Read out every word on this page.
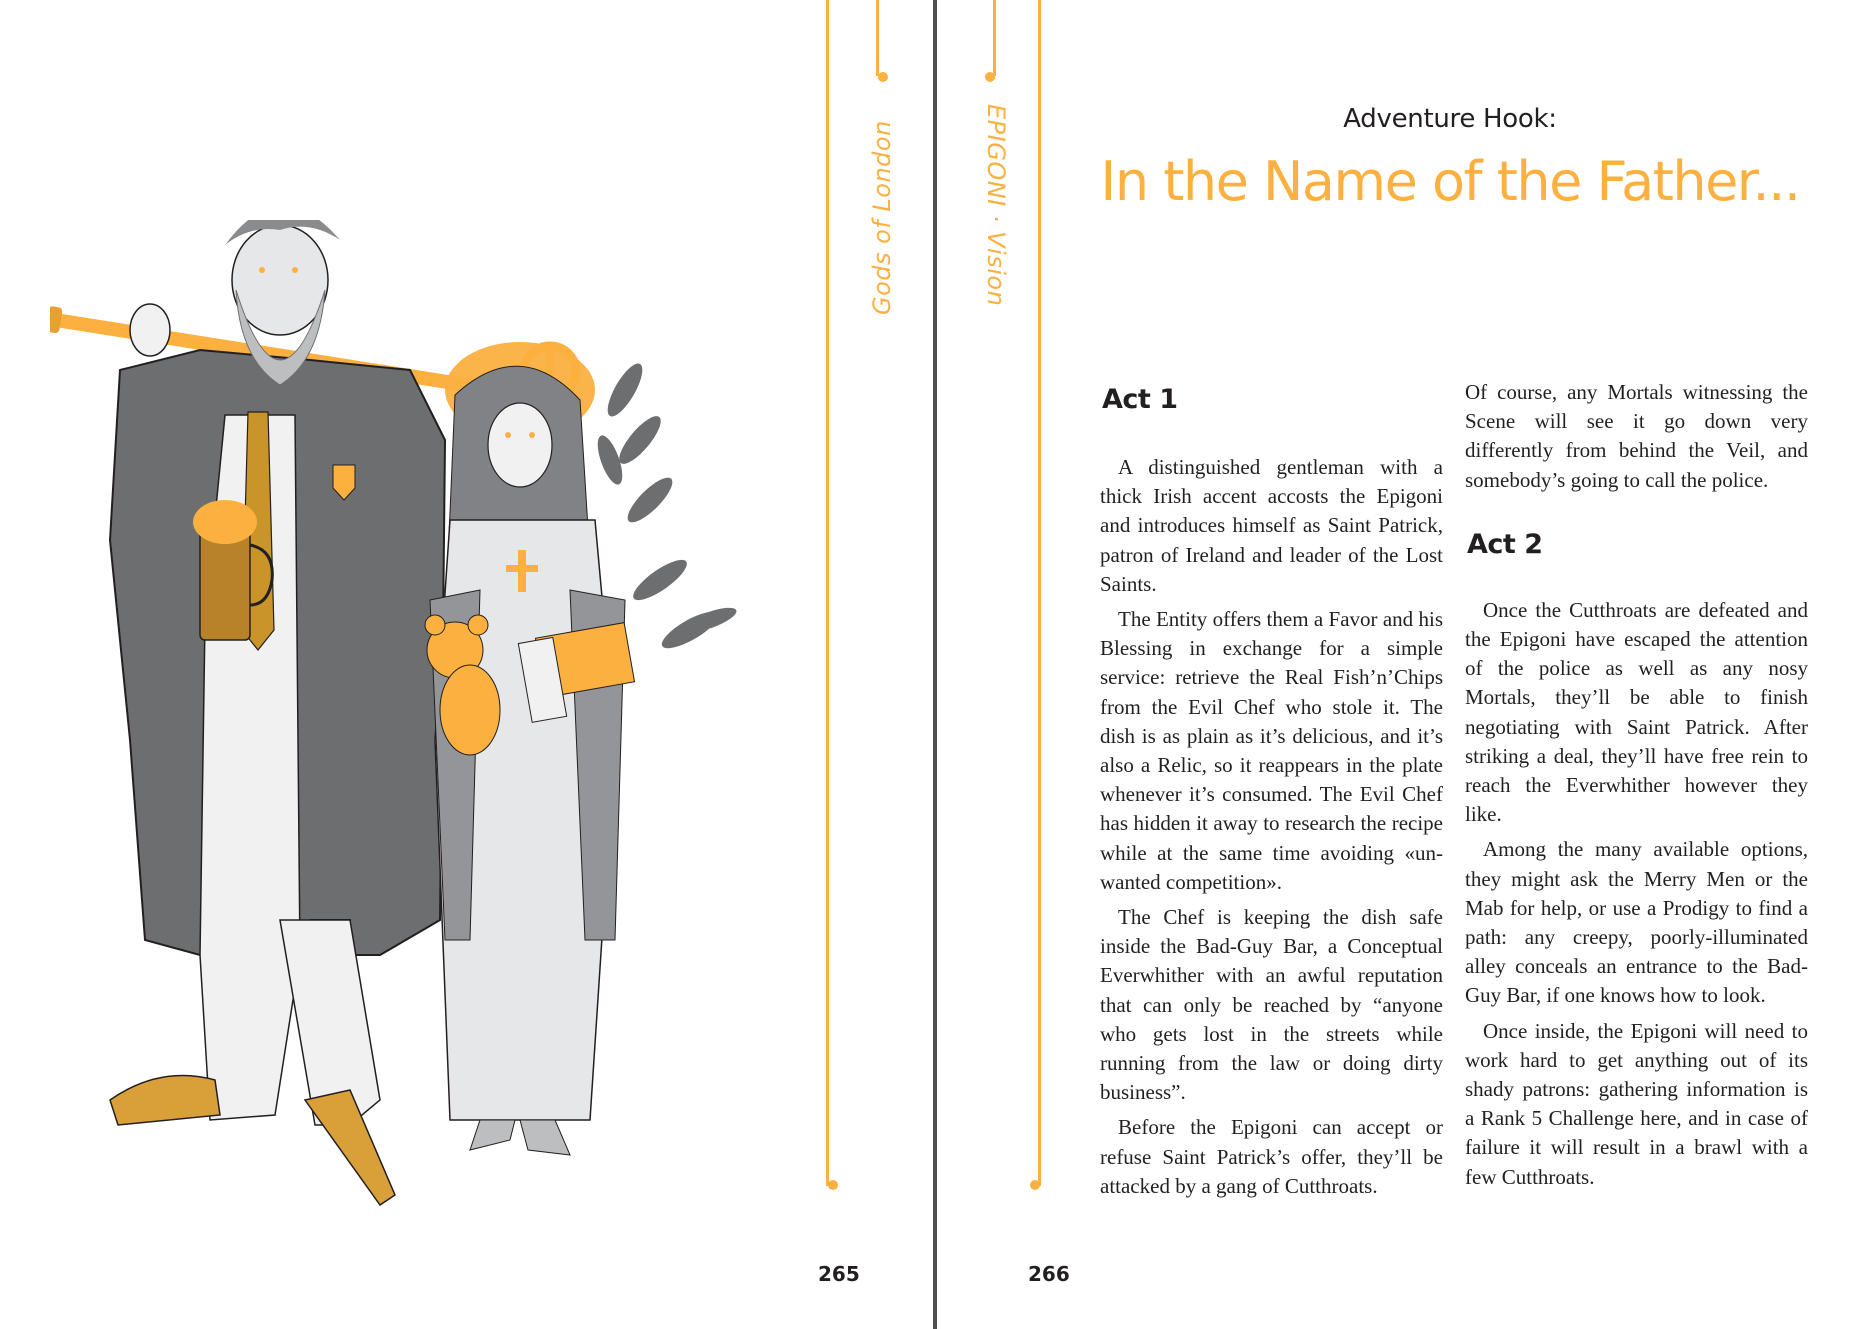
Gods of London
265
EPIGONI · Vision	Adventure Hook:
In the Name of the Father...
Act 1

A distinguished gentleman with a thick Irish accent accosts the Epigoni and introduces himself as Saint Patrick, patron of Ireland and leader of the Lost Saints.

The Entity offers them a Favor and his Blessing in exchange for a simple service: retrieve the Real Fish’n’Chips from the Evil Chef who stole it. The dish is as plain as it’s delicious, and it’s also a Relic, so it reappears in the plate whenever it’s consumed. The Evil Chef has hidden it away to research the recipe while at the same time avoiding «unwanted competition».

The Chef is keeping the dish safe inside the Bad-Guy Bar, a Conceptual Everwhither with an awful reputation that can only be reached by “anyone who gets lost in the streets while running from the law or doing dirty business”.

Before the Epigoni can accept or refuse Saint Patrick’s offer, they’ll be attacked by a gang of Cutthroats.

Of course, any Mortals witnessing the Scene will see it go down very differently from behind the Veil, and somebody’s going to call the police.

Act 2

Once the Cutthroats are defeated and the Epigoni have escaped the attention of the police as well as any nosy Mortals, they’ll be able to finish negotiating with Saint Patrick. After striking a deal, they’ll have free rein to reach the Everwhither however they like.

Among the many available options, they might ask the Merry Men or the Mab for help, or use a Prodigy to find a path: any creepy, poorly-illuminated alley conceals an entrance to the Bad-Guy Bar, if one knows how to look.

Once inside, the Epigoni will need to work hard to get anything out of its shady patrons: gathering information is a Rank 5 Challenge here, and in case of failure it will result in a brawl with a few Cutthroats.

266
